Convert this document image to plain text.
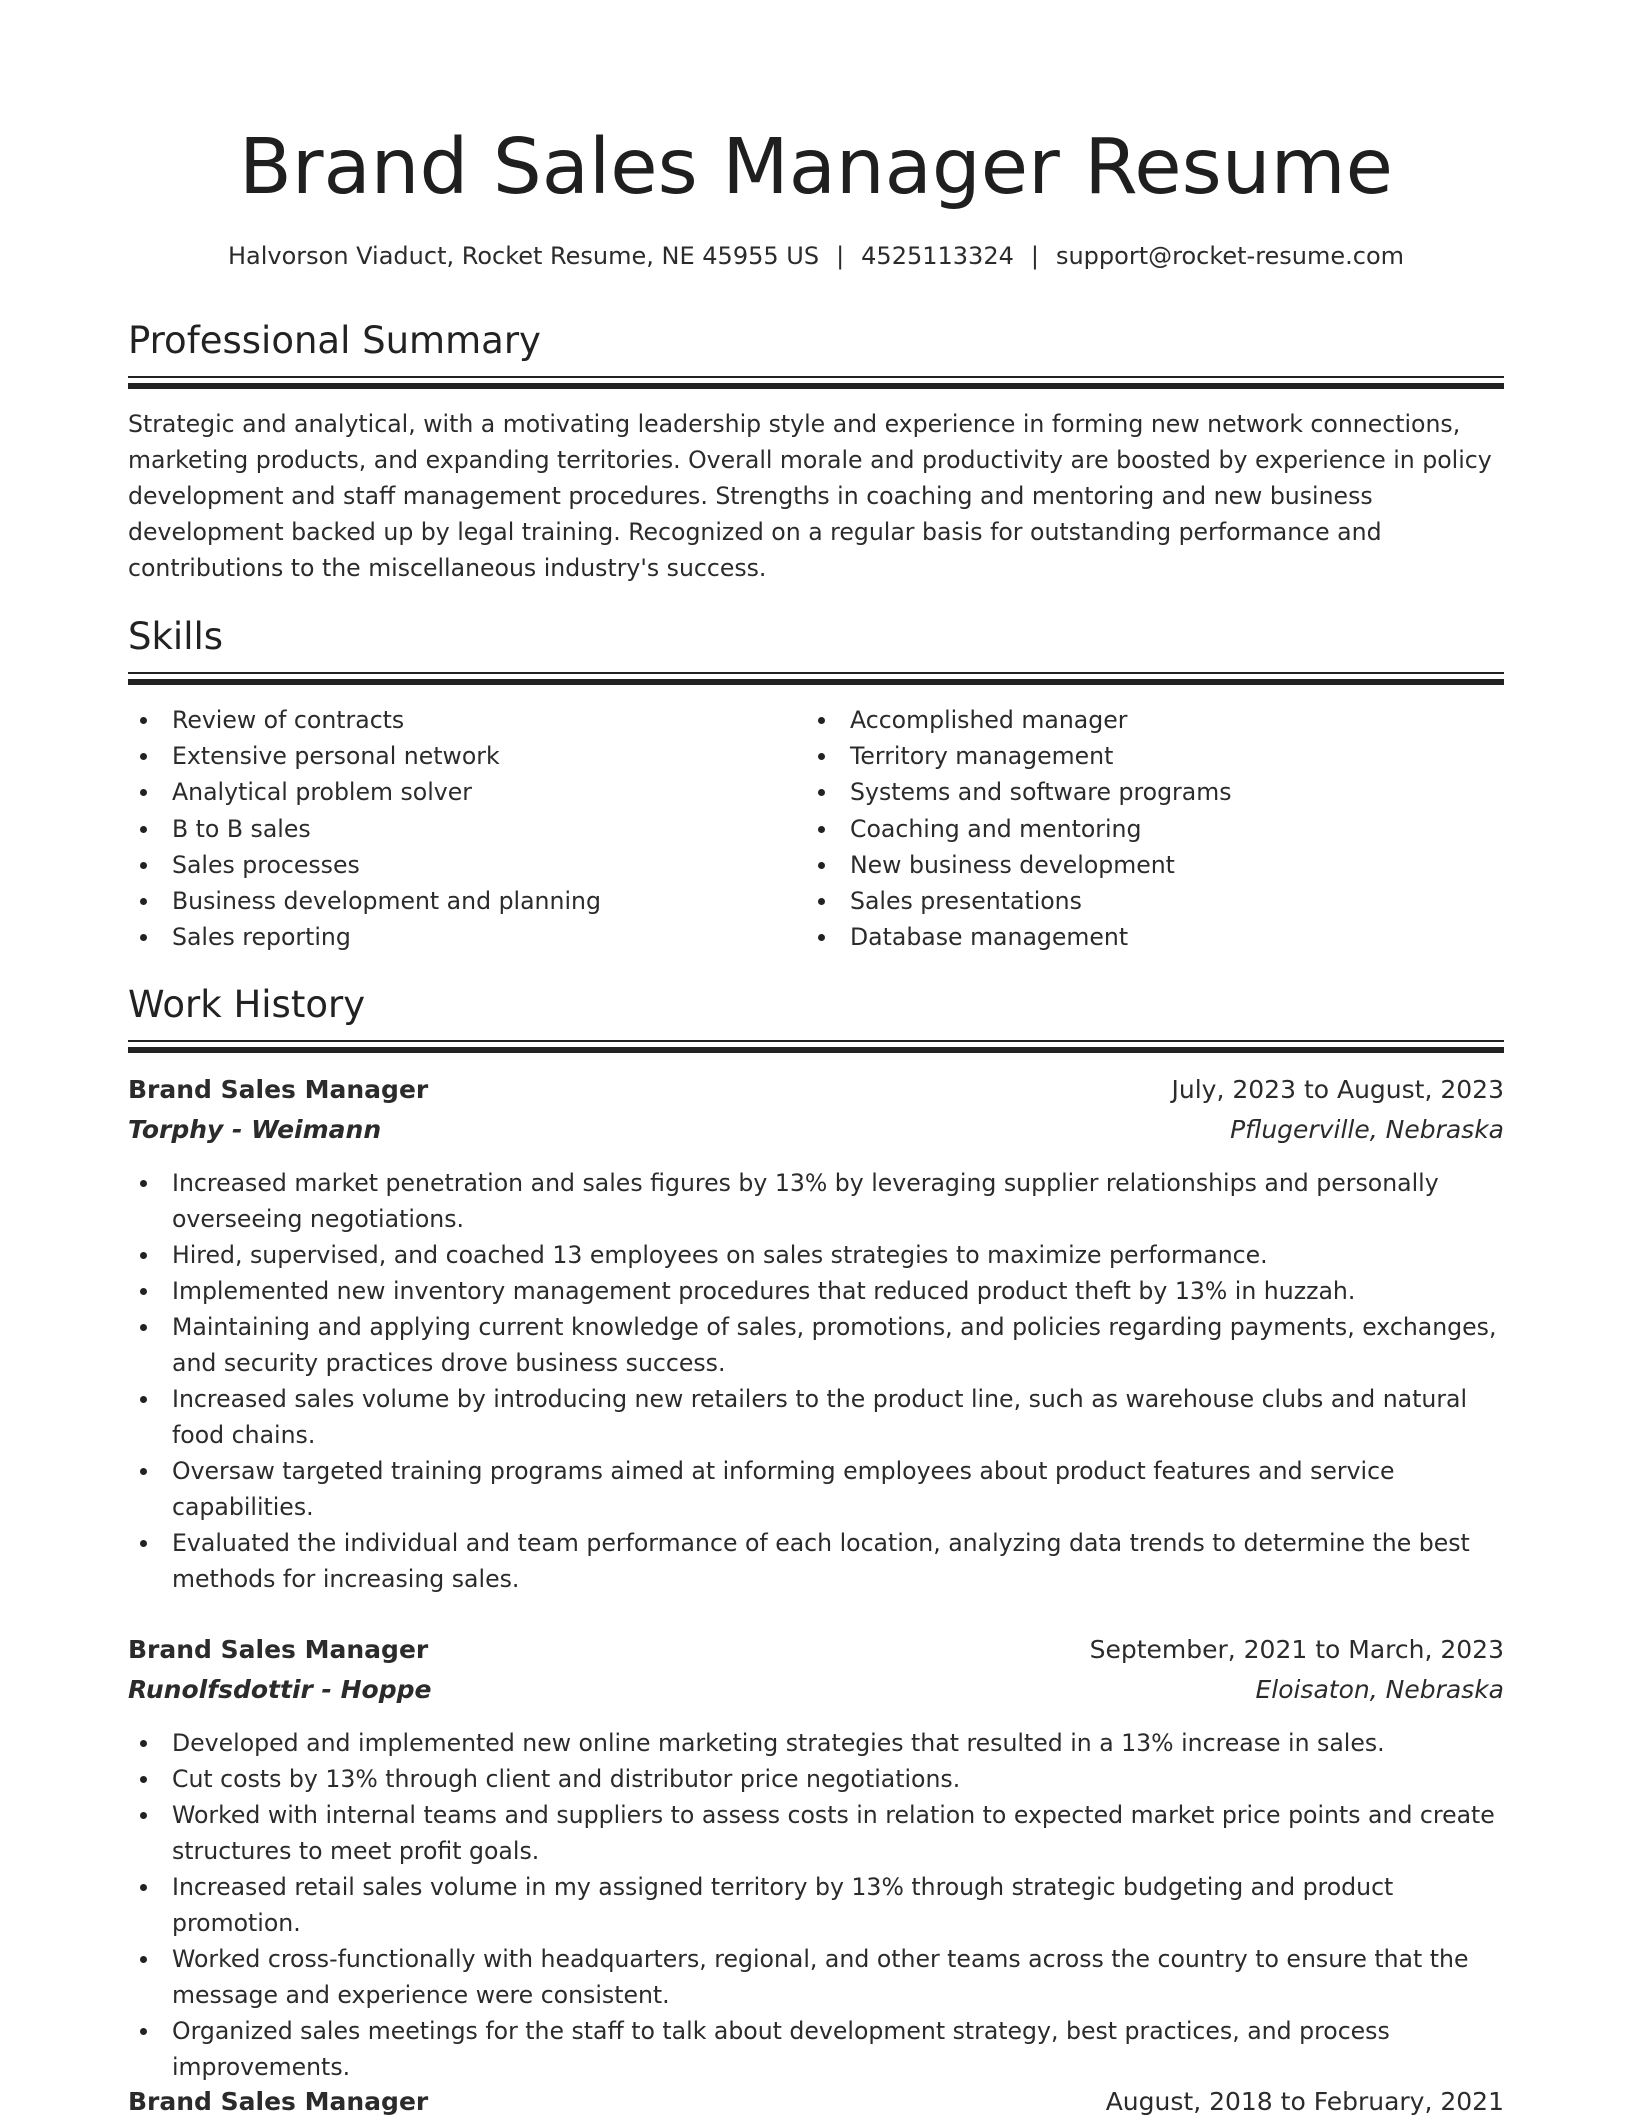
Brand Sales Manager Resume
Halvorson Viaduct, Rocket Resume, NE 45955 US | 4525113324 | support@rocket-resume.com
Professional Summary
Strategic and analytical, with a motivating leadership style and experience in forming new network connections, marketing products, and expanding territories. Overall morale and productivity are boosted by experience in policy development and staff management procedures. Strengths in coaching and mentoring and new business development backed up by legal training. Recognized on a regular basis for outstanding performance and contributions to the miscellaneous industry's success.
Skills
Review of contracts
Extensive personal network
Analytical problem solver
B to B sales
Sales processes
Business development and planning
Sales reporting
Accomplished manager
Territory management
Systems and software programs
Coaching and mentoring
New business development
Sales presentations
Database management
Work History
Brand Sales Manager	July, 2023 to August, 2023
Torphy - Weimann	Pflugerville, Nebraska
Increased market penetration and sales figures by 13% by leveraging supplier relationships and personally overseeing negotiations.
Hired, supervised, and coached 13 employees on sales strategies to maximize performance.
Implemented new inventory management procedures that reduced product theft by 13% in huzzah.
Maintaining and applying current knowledge of sales, promotions, and policies regarding payments, exchanges, and security practices drove business success.
Increased sales volume by introducing new retailers to the product line, such as warehouse clubs and natural food chains.
Oversaw targeted training programs aimed at informing employees about product features and service capabilities.
Evaluated the individual and team performance of each location, analyzing data trends to determine the best methods for increasing sales.
Brand Sales Manager	September, 2021 to March, 2023
Runolfsdottir - Hoppe	Eloisaton, Nebraska
Developed and implemented new online marketing strategies that resulted in a 13% increase in sales.
Cut costs by 13% through client and distributor price negotiations.
Worked with internal teams and suppliers to assess costs in relation to expected market price points and create structures to meet profit goals.
Increased retail sales volume in my assigned territory by 13% through strategic budgeting and product promotion.
Worked cross-functionally with headquarters, regional, and other teams across the country to ensure that the message and experience were consistent.
Organized sales meetings for the staff to talk about development strategy, best practices, and process improvements.
Brand Sales Manager	August, 2018 to February, 2021
